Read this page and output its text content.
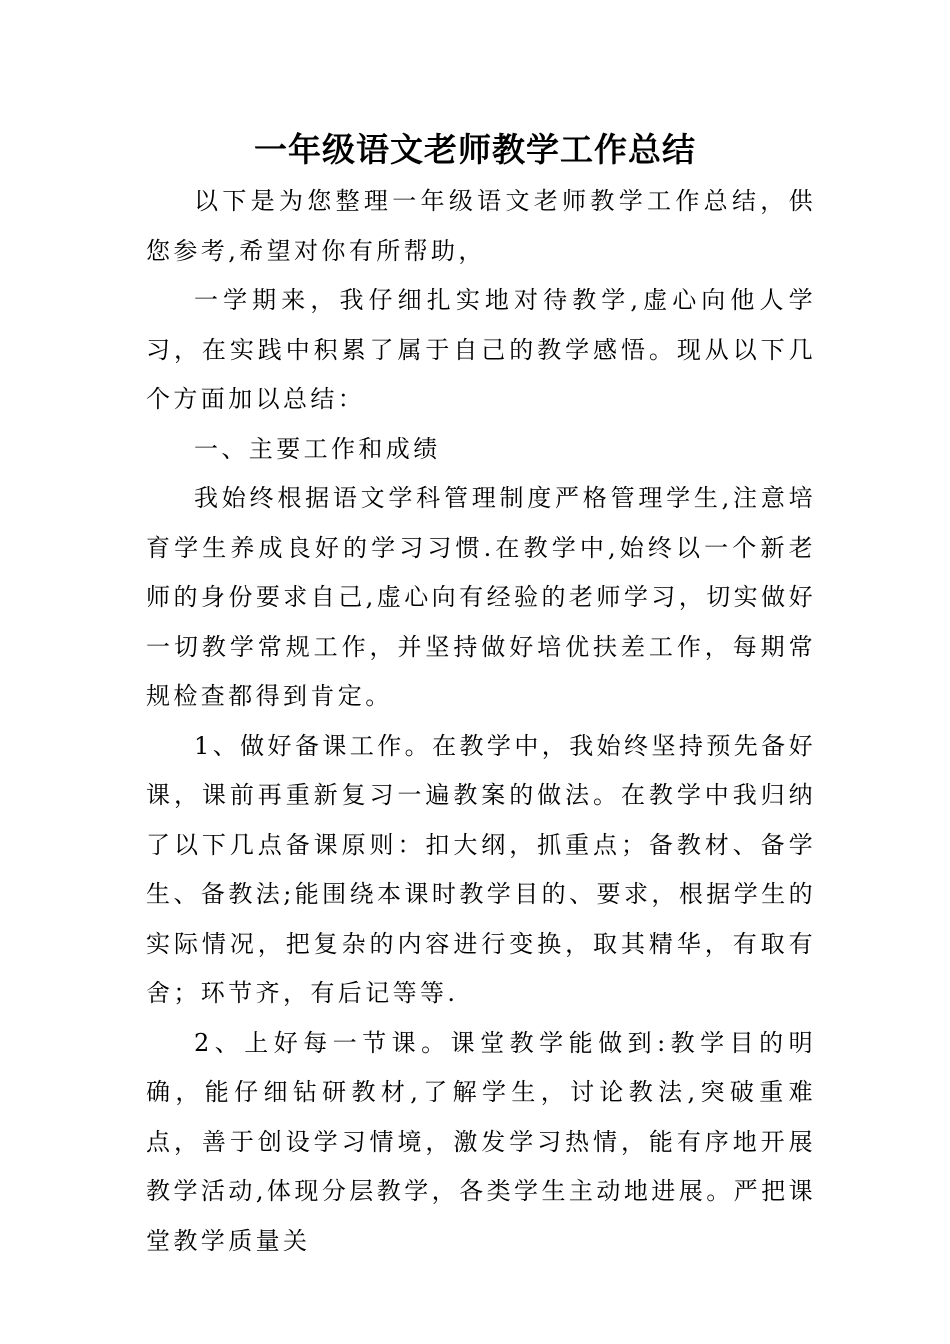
一年级语文老师教学工作总结

以下是为您整理一年级语文老师教学工作总结，供您参考,希望对你有所帮助，

一学期来，我仔细扎实地对待教学,虚心向他人学习，在实践中积累了属于自己的教学感悟。现从以下几个方面加以总结：

一、主要工作和成绩

我始终根据语文学科管理制度严格管理学生,注意培育学生养成良好的学习习惯.在教学中,始终以一个新老师的身份要求自己,虚心向有经验的老师学习，切实做好一切教学常规工作，并坚持做好培优扶差工作，每期常规检查都得到肯定。

1、做好备课工作。在教学中，我始终坚持预先备好课，课前再重新复习一遍教案的做法。在教学中我归纳了以下几点备课原则：扣大纲，抓重点；备教材、备学生、备教法;能围绕本课时教学目的、要求，根据学生的实际情况，把复杂的内容进行变换，取其精华，有取有舍；环节齐，有后记等等.

2、上好每一节课。课堂教学能做到:教学目的明确，能仔细钻研教材,了解学生，讨论教法,突破重难点，善于创设学习情境，激发学习热情，能有序地开展教学活动,体现分层教学，各类学生主动地进展。严把课堂教学质量关
